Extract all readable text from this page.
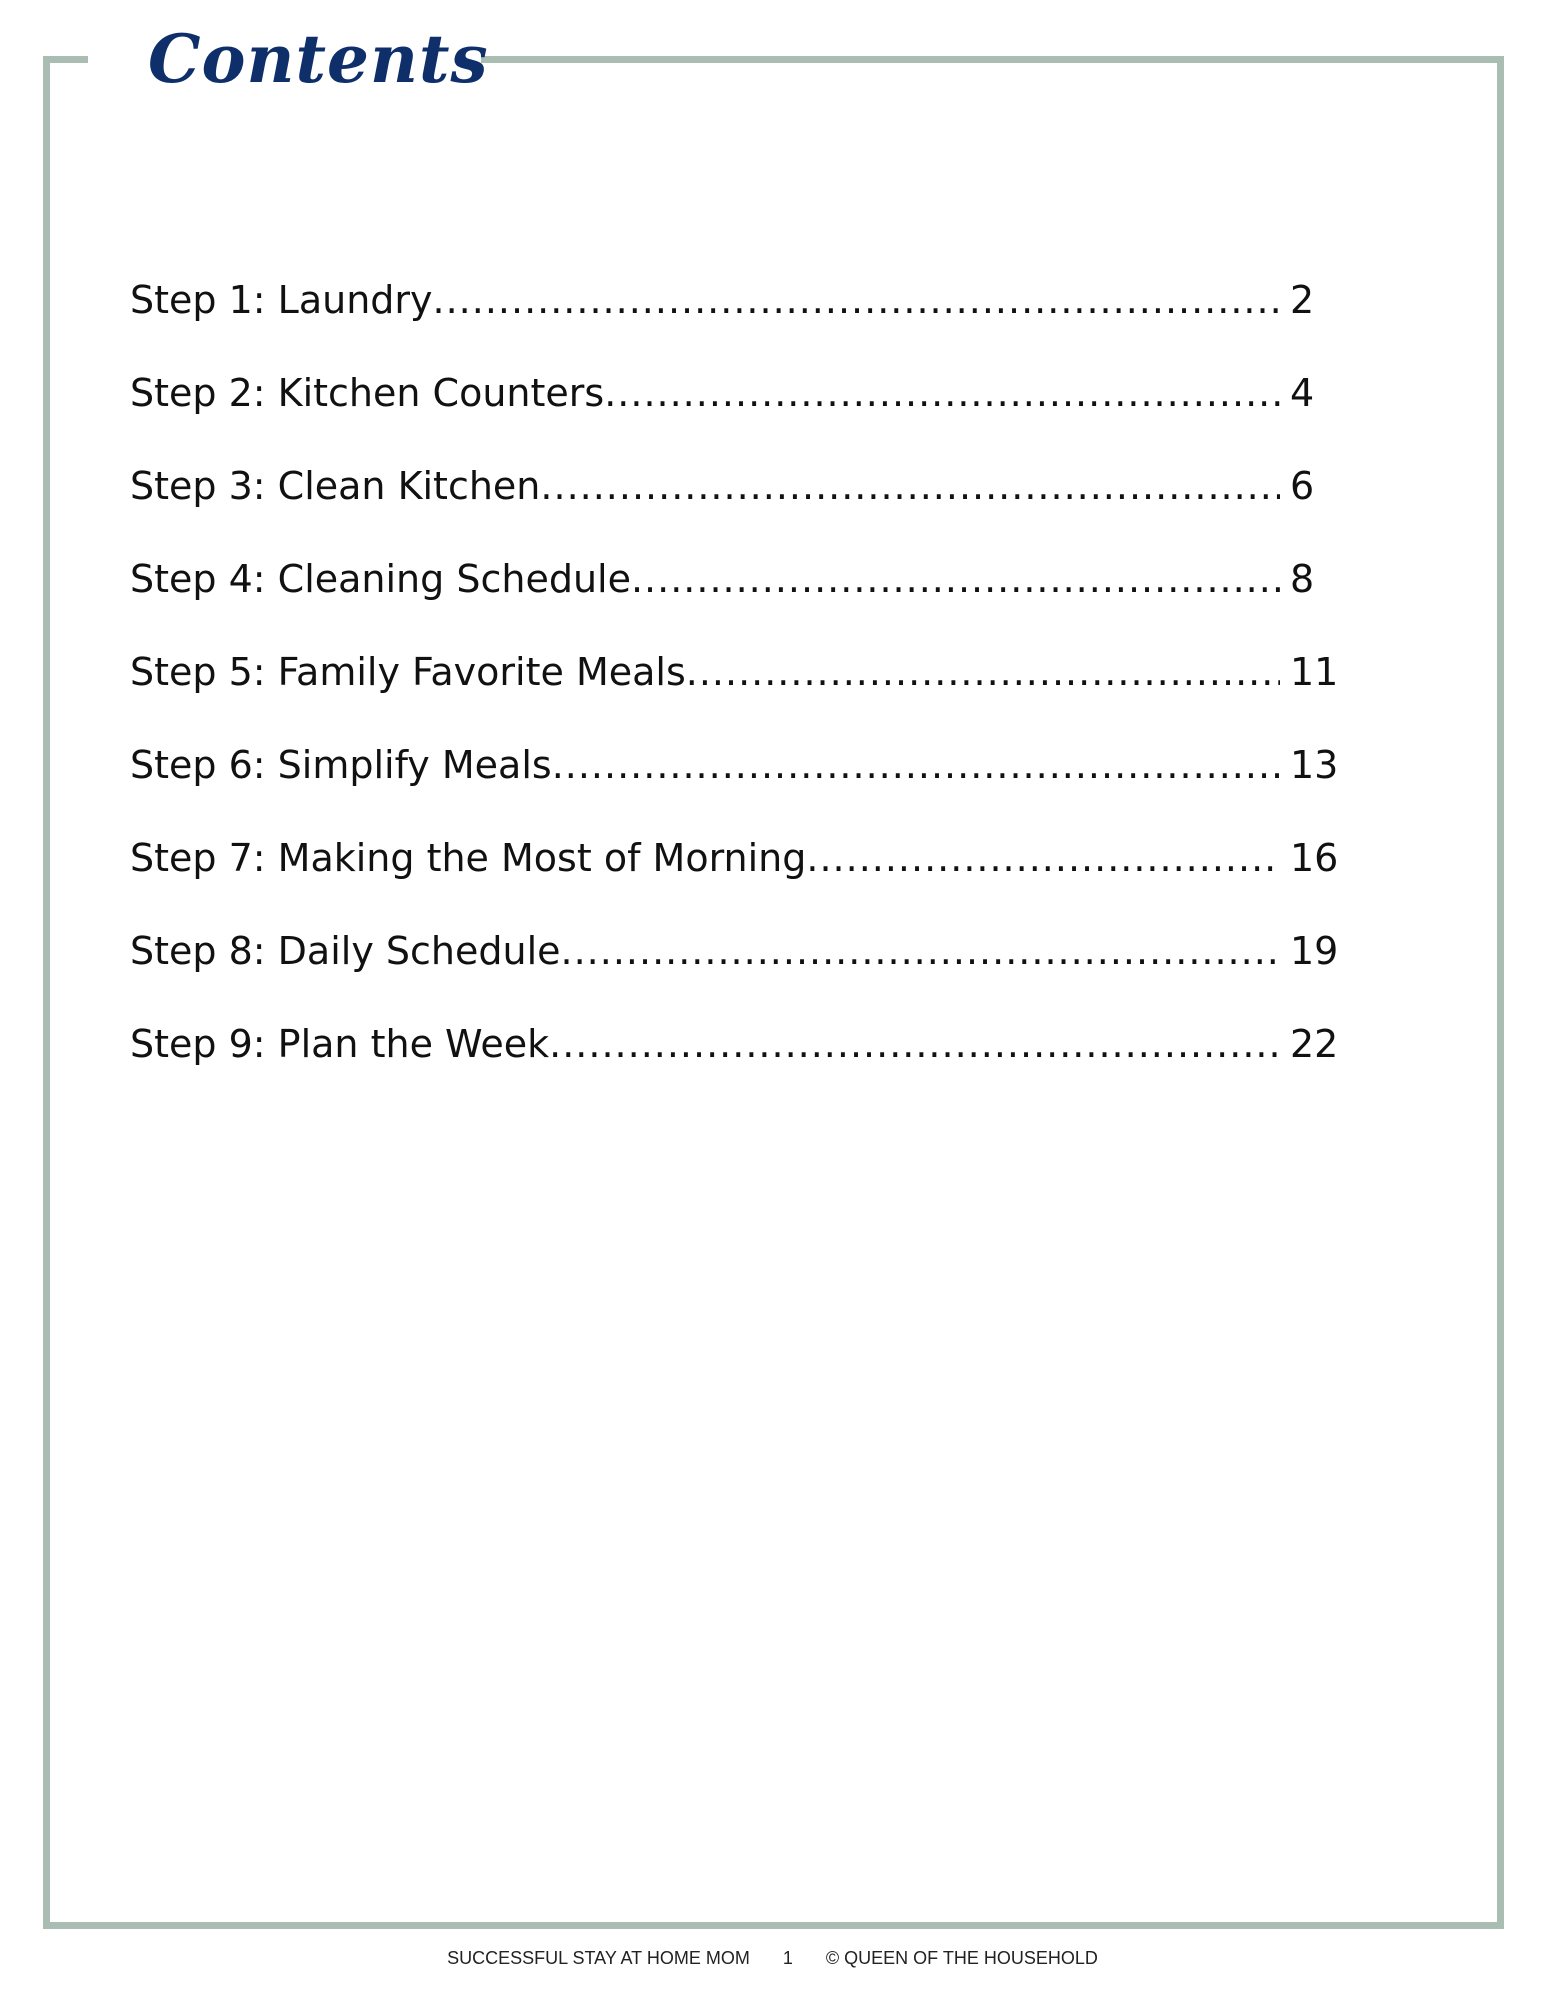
Contents
Step 1: Laundry .....	2
Step 2: Kitchen Counters .....	4
Step 3: Clean Kitchen .....	6
Step 4: Cleaning Schedule .....	8
Step 5: Family Favorite Meals .....	11
Step 6: Simplify Meals .....	13
Step 7: Making the Most of Morning .....	16
Step 8: Daily Schedule .....	19
Step 9: Plan the Week .....	22
SUCCESSFUL STAY AT HOME MOM 1 © QUEEN OF THE HOUSEHOLD
